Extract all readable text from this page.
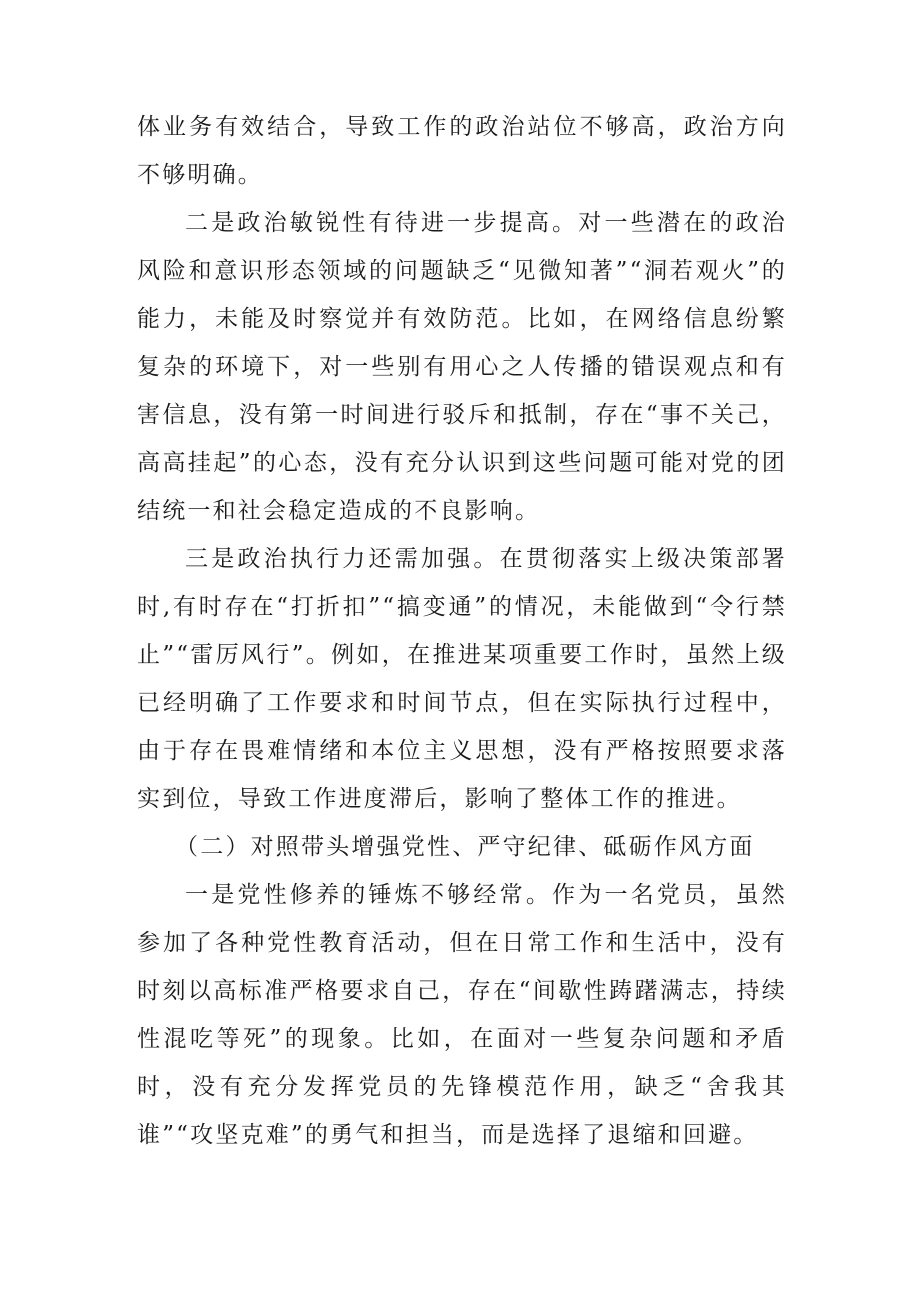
体业务有效结合，导致工作的政治站位不够高，政治方向不够明确。

二是政治敏锐性有待进一步提高。对一些潜在的政治风险和意识形态领域的问题缺乏“见微知著”“洞若观火”的能力，未能及时察觉并有效防范。比如，在网络信息纷繁复杂的环境下，对一些别有用心之人传播的错误观点和有害信息，没有第一时间进行驳斥和抵制，存在“事不关己，高高挂起”的心态，没有充分认识到这些问题可能对党的团结统一和社会稳定造成的不良影响。

三是政治执行力还需加强。在贯彻落实上级决策部署时,有时存在“打折扣”“搞变通”的情况，未能做到“令行禁止”“雷厉风行”。例如，在推进某项重要工作时，虽然上级已经明确了工作要求和时间节点，但在实际执行过程中，由于存在畏难情绪和本位主义思想，没有严格按照要求落实到位，导致工作进度滞后，影响了整体工作的推进。

（二）对照带头增强党性、严守纪律、砥砺作风方面

一是党性修养的锤炼不够经常。作为一名党员，虽然参加了各种党性教育活动，但在日常工作和生活中，没有时刻以高标准严格要求自己，存在“间歇性踌躇满志，持续性混吃等死”的现象。比如，在面对一些复杂问题和矛盾时，没有充分发挥党员的先锋模范作用，缺乏“舍我其谁”“攻坚克难”的勇气和担当，而是选择了退缩和回避。
